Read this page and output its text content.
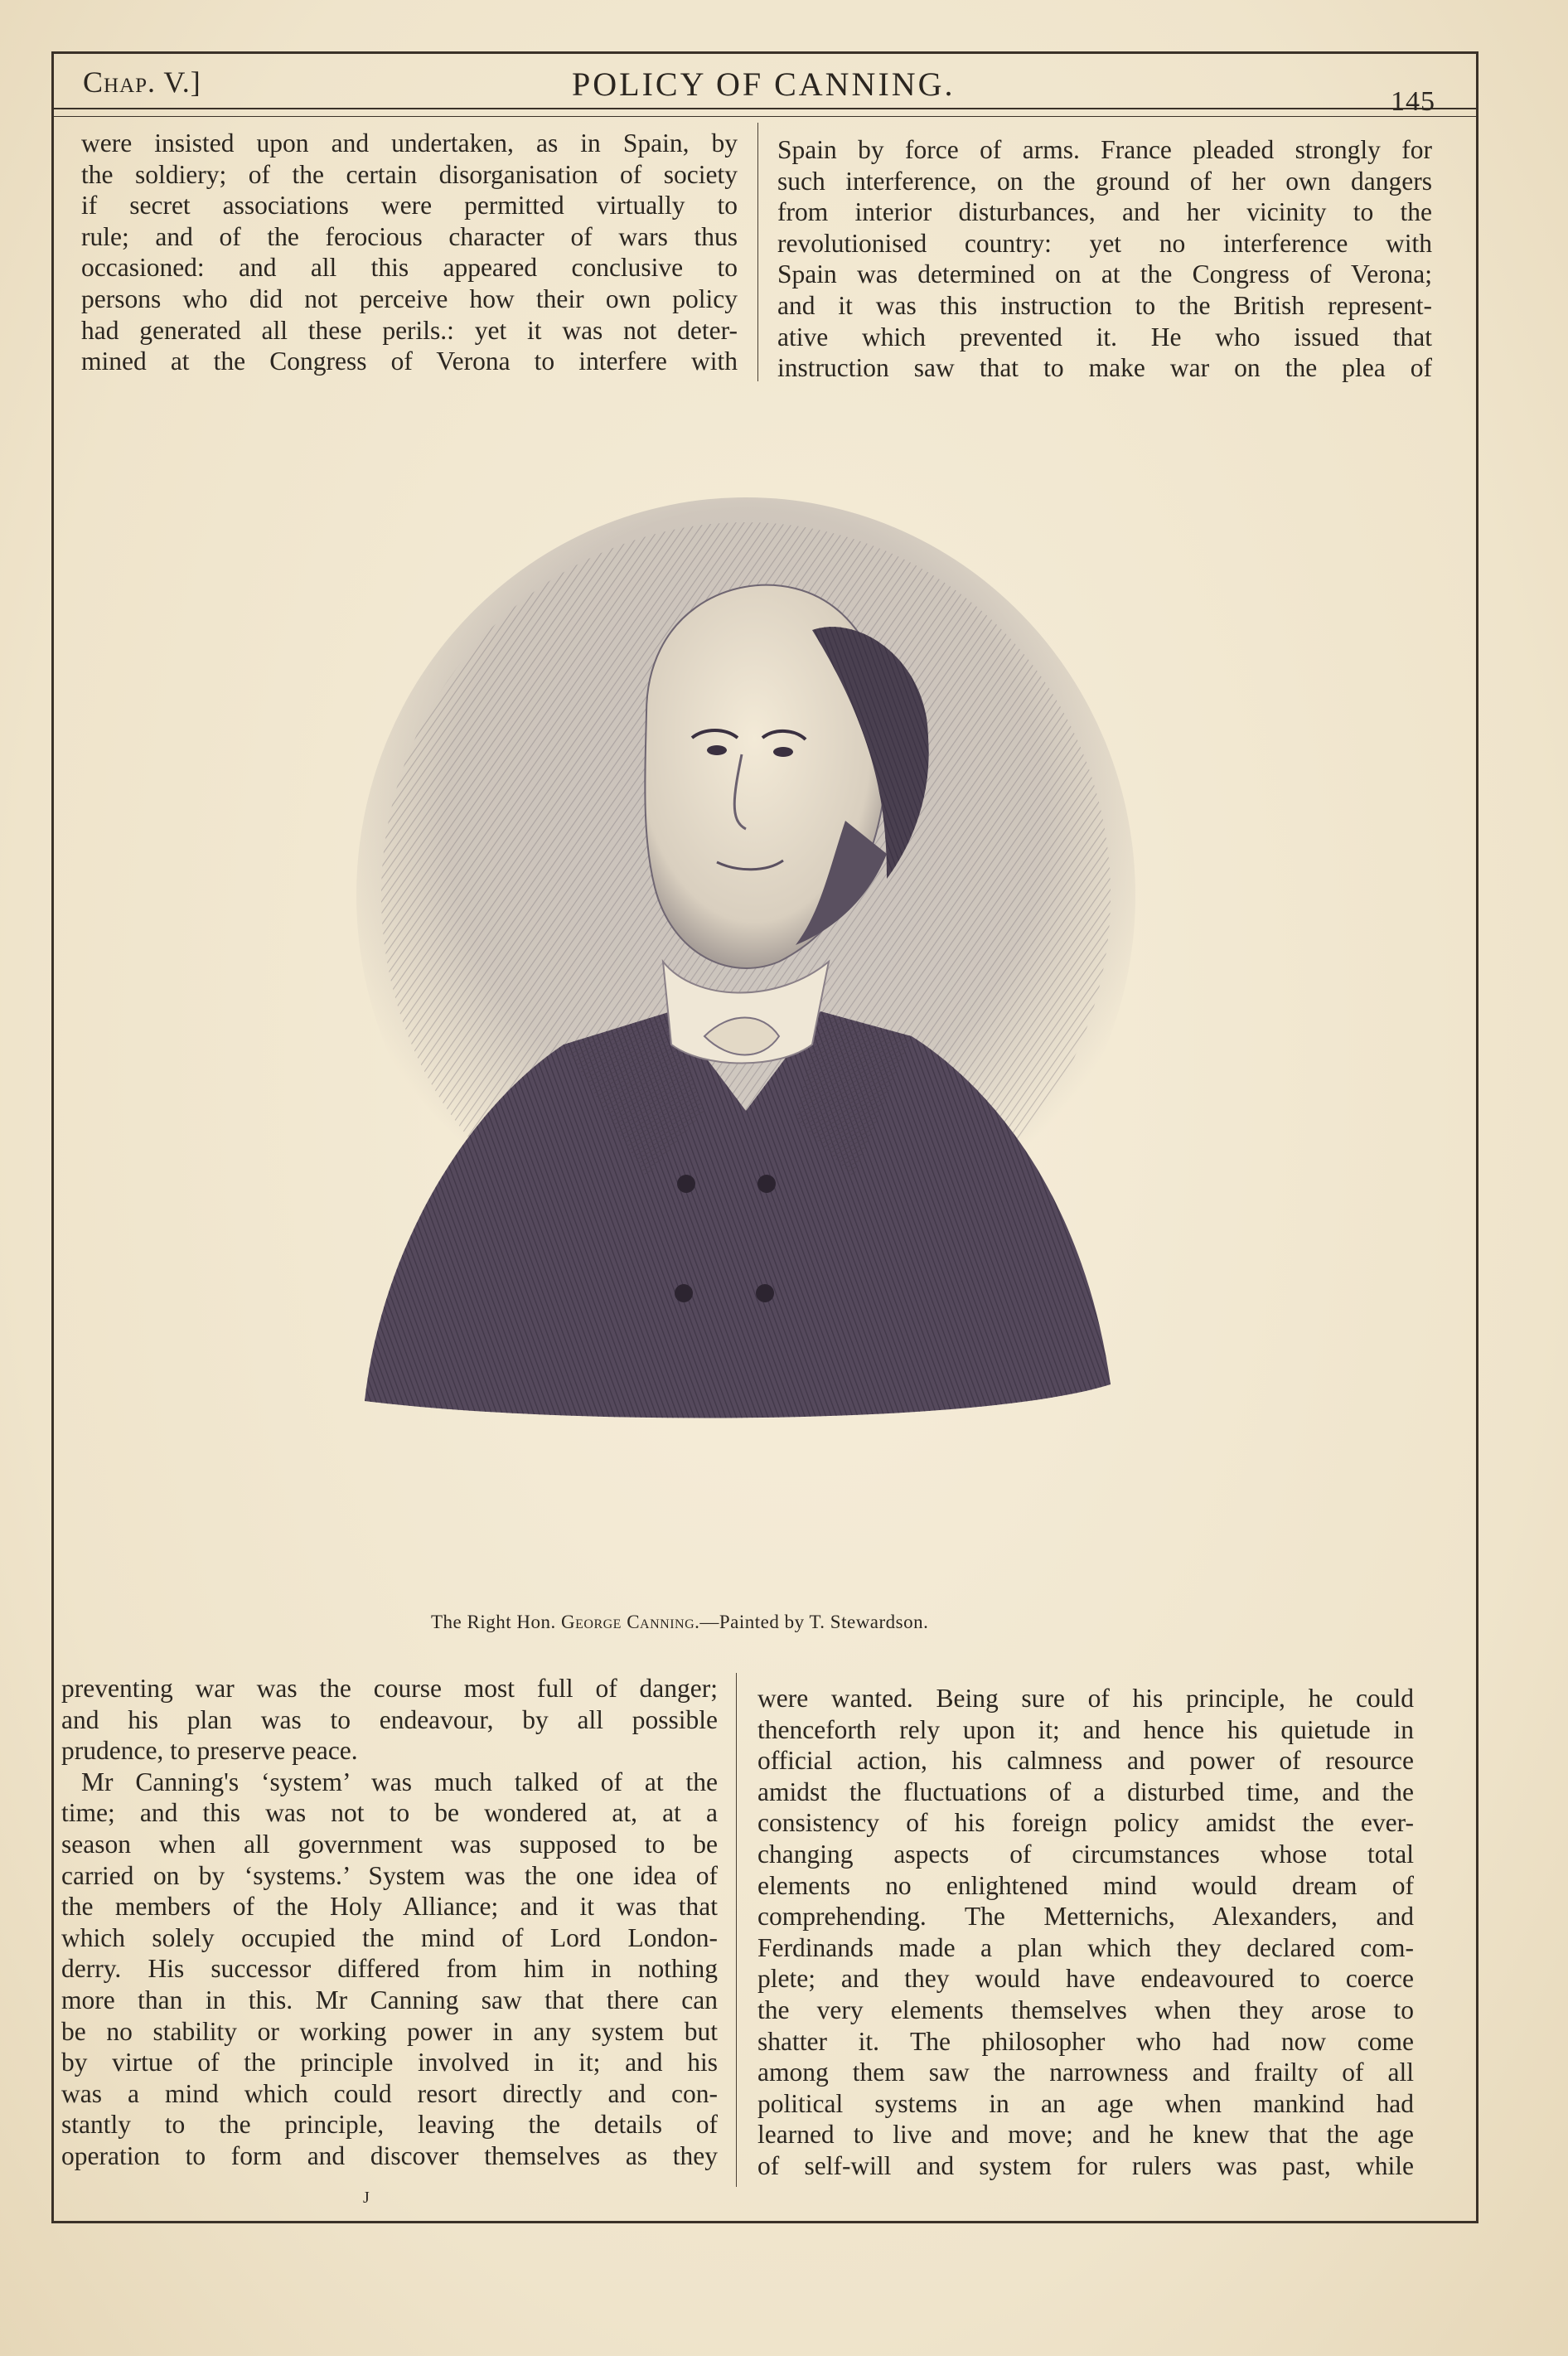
Chap. V.]	POLICY OF CANNING.	145
were insisted upon and undertaken, as in Spain, by
the soldiery; of the certain disorganisation of society
if secret associations were permitted virtually to
rule; and of the ferocious character of wars thus
occasioned: and all this appeared conclusive to
persons who did not perceive how their own policy
had generated all these perils.: yet it was not deter-
mined at the Congress of Verona to interfere with
Spain by force of arms. France pleaded strongly for
such interference, on the ground of her own dangers
from interior disturbances, and her vicinity to the
revolutionised country: yet no interference with
Spain was determined on at the Congress of Verona;
and it was this instruction to the British represent-
ative which prevented it. He who issued that
instruction saw that to make war on the plea of
The Right Hon. George Canning.—Painted by T. Stewardson.
preventing war was the course most full of danger;
and his plan was to endeavour, by all possible
prudence, to preserve peace.
Mr Canning's ‘system’ was much talked of at the
time; and this was not to be wondered at, at a
season when all government was supposed to be
carried on by ‘systems.’ System was the one idea of
the members of the Holy Alliance; and it was that
which solely occupied the mind of Lord London-
derry. His successor differed from him in nothing
more than in this. Mr Canning saw that there can
be no stability or working power in any system but
by virtue of the principle involved in it; and his
was a mind which could resort directly and con-
stantly to the principle, leaving the details of
operation to form and discover themselves as they
were wanted. Being sure of his principle, he could
thenceforth rely upon it; and hence his quietude in
official action, his calmness and power of resource
amidst the fluctuations of a disturbed time, and the
consistency of his foreign policy amidst the ever-
changing aspects of circumstances whose total
elements no enlightened mind would dream of
comprehending. The Metternichs, Alexanders, and
Ferdinands made a plan which they declared com-
plete; and they would have endeavoured to coerce
the very elements themselves when they arose to
shatter it. The philosopher who had now come
among them saw the narrowness and frailty of all
political systems in an age when mankind had
learned to live and move; and he knew that the age
of self-will and system for rulers was past, while
J
